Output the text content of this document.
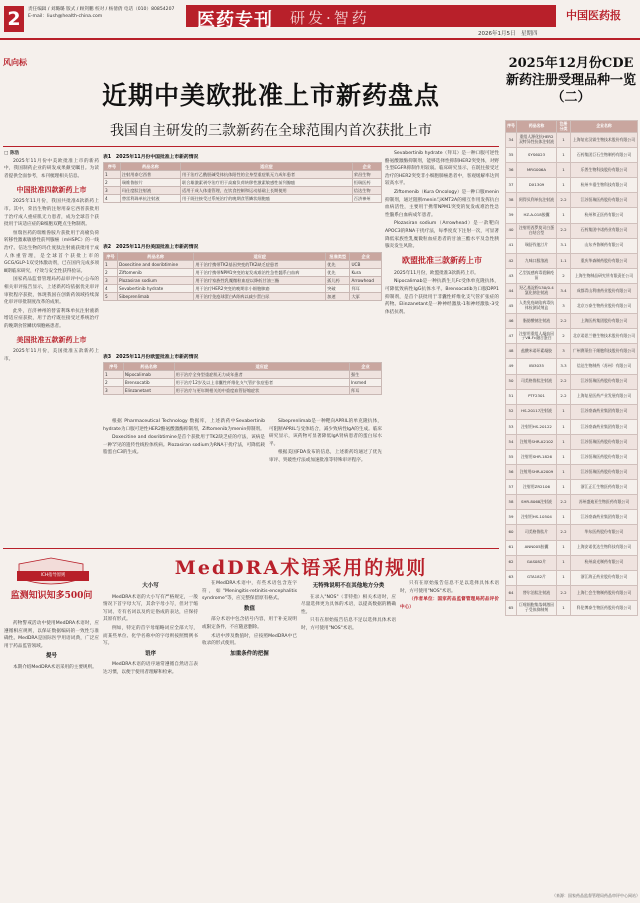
2	责任编辑 / 刘璐璐 版式 / 顾剑鹏 校对 / 杨倩倩 电话（010）80854207
E-mail：liush@health-china.com	医药专刊 研发·智药	中国医药报
2026年1月5日　星期四
风向标
近期中美欧批准上市新药盘点
我国自主研发的三款新药在全球范围内首次获批上市
□ 陈浩

2025年11月份中美欧批准上市的新药中，我国制药企业的研发成果颇受瞩目。为读者提供全面参考，本刊梳理相关信息。

中国批准四款新药上市

2025年11月份，我国共批准4款新药上市。其中，荣昌生物的注射用泰它西普获批用于治疗成人重症肌无力患者，成为全球首个获批用于该适应症的B细胞双靶点生物制剂。

恒瑞医药的瑞维鲁胺片获批用于高瘤负荷转移性激素敏感性前列腺癌（mHSPC）的一线治疗。信达生物的玛仕度肽注射液获批用于成人体重管理，是全球首个获批上市的GCG/GLP-1双受体激动剂，已在国内完成多项Ⅲ期临床研究，疗效与安全性获得验证。

国家药品监督管理局药品审评中心公布的相关审评报告显示，上述新药均依据优先审评审批程序获批，体现我国在创新药领域持续深化审评审批制度改革的成果。

此外，百济神州的替雷利珠单抗注射液新增适应症获批，用于治疗既往接受过系统治疗的晚期食管鳞状细胞癌患者。

美国批准五款新药上市

2025年11月份，美国批准五款新药上市。

表1　2025年11月份中国批准上市新药情况
序号	药品名称	适应症	企业
1	注射用泰它西普	用于治疗乙酰胆碱受体抗体阳性的全身型重症肌无力成年患者	荣昌生物
2	瑞维鲁胺片	联合雄激素剥夺治疗用于高瘤负荷转移性激素敏感性前列腺癌	恒瑞医药
3	玛仕度肽注射液	适用于成人体重管理，在饮食控制和运动基础上长期使用	信达生物
4	替雷利珠单抗注射液	用于既往接受过系统治疗的晚期食管鳞状细胞癌	百济神州
表2　2025年11月份美国批准上市新药情况
序号	药品名称	适应症	批准类型	企业
1	Doxecitine and doxribtimine	用于治疗携带TK2基因突变的TK2缺乏症患者	优先	UCB
2	Ziftomenib	用于治疗携带NPM1突变的复发或难治性急性髓系白血病	优先	Kura
3	Plozasiran sodium	用于治疗家族性乳糜微粒血症以降低甘油三酯	孤儿药	Arrowhead
4	Sevabertinib hydrate	用于治疗HER2突变的晚期非小细胞肺癌	突破	拜耳
5	Sibeprenlimab	用于治疗免疫球蛋白A肾病以减少蛋白尿	加速	大冢
表3　2025年11月份欧盟批准上市新药情况
序号	药品名称	适应症	企业
1	Nipocalimab	用于治疗全身型重症肌无力成年患者	强生
2	Brensocatib	用于治疗12岁及以上非囊性纤维化支气管扩张症患者	Insmed
3	Elinzanetant	用于治疗与更年期相关的中重度血管舒缩症状	拜耳

根据 Pharmaceutical Technology 数据库，上述新药中Sevabertinib hydrate为口服可逆性HER2酪氨酸激酶抑制剂，Ziftomenib为menin抑制剂。

Doxecitine and doxribtimine是首个获批用于TK2缺乏症的疗法，该病是一种罕见的遗传性线粒体疾病。Plozasiran sodium为RNA干扰疗法，可降低载脂蛋白C3的生成。

Sibeprenlimab是一种靶向APRIL的单克隆抗体，可阻断APRIL与受体结合，减少致病性IgA的生成。临床研究显示，该药物可显著降低IgA肾病患者的蛋白尿水平。

根据美国FDA发布的信息，上述新药均通过了优先审评、突破性疗法或加速批准等特殊审评程序。

Sevabertinib hydrate（拜耳）是一种口服可逆性酪氨酸激酶抑制剂，能够选择性抑制HER2突变体，对野生型EGFR抑制作用较弱。临床研究显示，在既往接受过治疗的HER2突变非小细胞肺癌患者中，客观缓解率达到较高水平。

Ziftomenib（Kura Oncology）是一种口服menin抑制剂，通过阻断menin与KMT2A的相互作用发挥抗白血病活性，主要用于携带NPM1突变的复发或难治性急性髓系白血病成年患者。

Plozasiran sodium（Arrowhead）是一款靶向APOC3的RNA干扰疗法，每季度皮下注射一次，可显著降低家族性乳糜微粒血症患者的甘油三酯水平及急性胰腺炎发生风险。

欧盟批准三款新药上市

2025年11月份，欧盟批准3款新药上市。

Nipocalimab是一种抗新生儿Fc受体单克隆抗体，可降低致病性IgG抗体水平。Brensocatib为口服DPP1抑制剂，是首个获批用于非囊性纤维化支气管扩张症的药物。Elinzanetant是一种神经激肽-1和神经激肽-3受体拮抗剂。

ICH指导原则
监测知识知多500问
MedDRA术语采用的规则

药物警戒活动中使用MedDRA术语时，应遵循相应规则，以保证数据编码的一致性与准确性。MedDRA是国际医学用语词典，广泛应用于药品监管领域。

提号

本期介绍MedDRA术语采用的主要规则。

大小写

MedDRA术语的大小写有严格规定，一般情况下首字母大写，其余字母小写，但对于缩写词、专有名词以及约定俗成的表达，应保持其原有形式。

例如，特定的首字母缩略词应全部大写，而某些单位、化学名称中的字母则按照惯例书写。

语序

MedDRA术语的语序通常遵循自然语言表达习惯，以便于使用者理解和检索。

在MedDRA术语中，有些术语包含连字符，如"Meningitis-retinitis-encephalitis syndrome"等，应完整保留原有格式。

数值

部分术语中包含括号内容，用于补充说明或限定条件，不应随意删除。

术语中涉及数值时，应按照MedDRA中已收录的形式使用。

加重条件的把握
无特殊说明不在其他地方分类

在录入"NOS"（非特指）相关术语时，应尽量选择更为具体的术语，以提高数据的精确性。

只有在原始报告信息不足以选择具体术语时，方可使用"NOS"术语。

只有在原始报告信息不足以选择具体术语时，方可使用"NOS"术语。

（作者单位：国家药品监督管理局药品评价中心）

2025年12月份CDE新药注册受理品种一览（二）
序号	药品名称	注册分类	企业名称
34	重组人源化抗HER2双特异性抗体注射液	1	上海复宏汉霖生物技术股份有限公司
35	SYS6023	1	石药集团巨石生物制药有限公司
36	MRG006A	1	乐普生物科技股份有限公司
37	DX1309	1	杭州多禧生物科技有限公司
38	阿得贝利单抗注射液	2.2	江苏恒瑞医药股份有限公司
39	HZ-A-018胶囊	1	杭州和正医药有限公司
40	注射用西罗莫司白蛋白结合型	2.2	石药集团中诺药业有限公司
41	瑞舒伐他汀片	3.1	山东齐鲁制药有限公司
42	九味口服溶液	1.1	重庆华森制药股份有限公司
43	乙型流感病毒裂解疫苗	2	上海生物制品研究所有限责任公司
44	羟乙基淀粉130/0.4氯化钠注射液	3.4	成都青山利康药业股份有限公司
45	人类免疫缺陷病毒抗体检测试剂盒	3	北京万泰生物药业股份有限公司
46	脂肪酸钠注射液	2.2	上海医药集团股份有限公司
47	注射用重组人凝血因子Ⅷ-Fc融合蛋白	2	北京诺思兰德生物技术股份有限公司
48	盐酸米诺环素凝胶	3	广州赛莱拉干细胞科技股份有限公司
49	IBI3035	3.3	信达生物制药（苏州）有限公司
50	司美格鲁肽注射液	2.2	江苏恒瑞医药股份有限公司
51	PTF2301	2.2	上海复星医药产业发展有限公司
52	HS-20117注射液	1	江苏豪森药业集团有限公司
53	注射用HS-20122	1	江苏豪森药业集团有限公司
54	注射用SHR-A2102	1	江苏恒瑞医药股份有限公司
55	注射用SHR-1826	1	江苏恒瑞医药股份有限公司
56	注射用SHR-A2009	1	江苏恒瑞医药股份有限公司
57	注射用ZR2106	1	浙江正汇生物医药有限公司
58	SHR-8068注射液	2.2	苏州盛迪亚生物医药有限公司
59	注射用HS-10504	1	江苏豪森药业集团有限公司
60	司美格鲁肽片	2.2	华东医药股份有限公司
61	ANN005胶囊	1	上海安诺优达生物科技有限公司
62	GAS082片	1	杭州高光制药有限公司
63	GTA182片	1	浙江海正药业股份有限公司
64	替尔泊肽注射液	2.2	上海仁会生物制药股份有限公司
65	巨噬细胞集落刺激因子受体抑制剂	1	科伦博泰生物医药股份有限公司
（来源：国家药品监督管理局药品审评中心网站）
